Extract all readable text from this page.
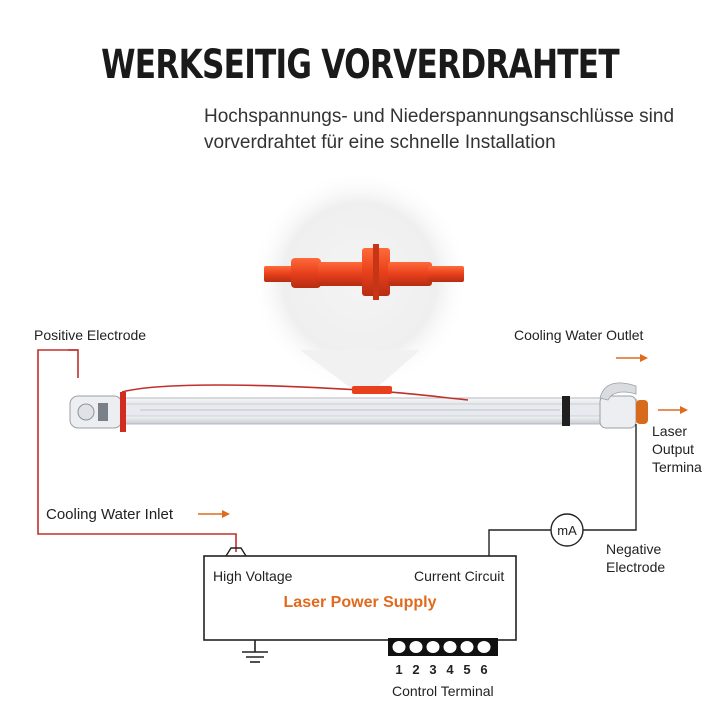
WERKSEITIG VORVERDRAHTET
Hochspannungs- und Niederspannungsanschlüsse sind vorverdrahtet für eine schnelle Installation
Positive Electrode	Cooling Water Outlet
Laser
Output
Termina
Cooling Water Inlet
mA
Negative
Electrode
High Voltage	Current Circuit
Laser Power Supply
1 2 3 4 5 6
Control Terminal
